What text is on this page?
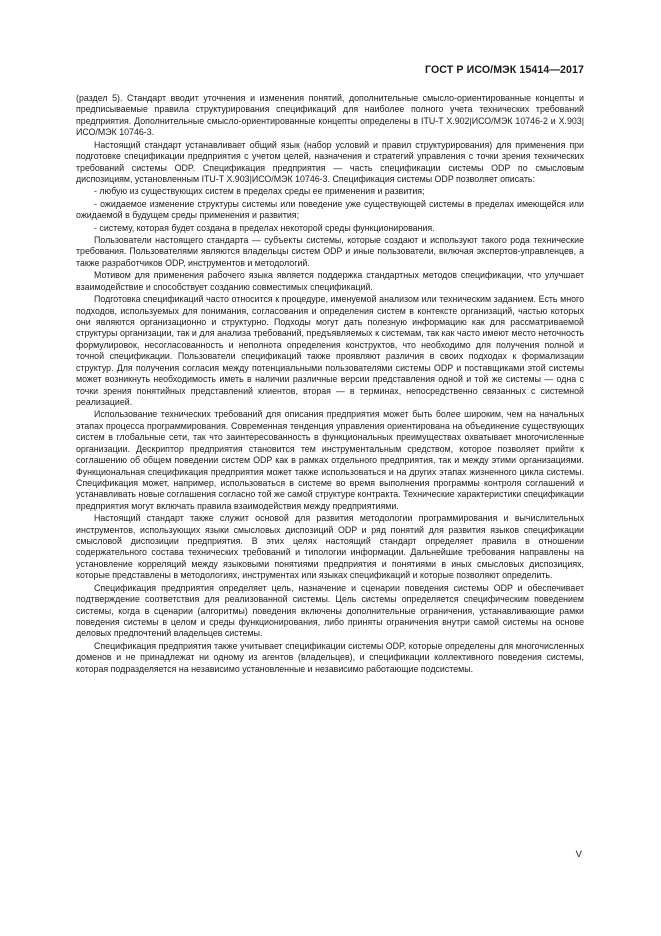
ГОСТ Р ИСО/МЭК 15414—2017

(раздел 5). Стандарт вводит уточнения и изменения понятий, дополнительные смысло-ориентированные концепты и предписываемые правила структурирования спецификаций для наиболее полного учета технических требований предприятия. Дополнительные смысло-ориентированные концепты определены в ITU-T X.902|ИСО/МЭК 10746-2 и X.903|ИСО/МЭК 10746-3.

Настоящий стандарт устанавливает общий язык (набор условий и правил структурирования) для применения при подготовке спецификации предприятия с учетом целей, назначения и стратегий управления с точки зрения технических требований системы ODP. Спецификация предприятия — часть спецификации системы ODP по смысловым диспозициям, установленным ITU-T X.903|ИСО/МЭК 10746-3. Спецификация системы ODP позволяет описать:

- любую из существующих систем в пределах среды ее применения и развития;

- ожидаемое изменение структуры системы или поведение уже существующей системы в пределах имеющейся или ожидаемой в будущем среды применения и развития;

- систему, которая будет создана в пределах некоторой среды функционирования.

Пользователи настоящего стандарта — субъекты системы, которые создают и используют такого рода технические требования. Пользователями являются владельцы систем ODP и иные пользователи, включая экспертов-управленцев, а также разработчиков ODP, инструментов и методологий.

Мотивом для применения рабочего языка является поддержка стандартных методов спецификации, что улучшает взаимодействие и способствует созданию совместимых спецификаций.

Подготовка спецификаций часто относится к процедуре, именуемой анализом или техническим заданием. Есть много подходов, используемых для понимания, согласования и определения систем в контексте организаций, частью которых они являются организационно и структурно. Подходы могут дать полезную информацию как для рассматриваемой структуры организации, так и для анализа требований, предъявляемых к системам, так как часто имеют место неточность формулировок, несогласованность и неполнота определения конструктов, что необходимо для получения полной и точной спецификации. Пользователи спецификаций также проявляют различия в своих подходах к формализации структур. Для получения согласия между потенциальными пользователями системы ODP и поставщиками этой системы может возникнуть необходимость иметь в наличии различные версии представления одной и той же системы — одна с точки зрения понятийных представлений клиентов, вторая — в терминах, непосредственно связанных с системной реализацией.

Использование технических требований для описания предприятия может быть более широким, чем на начальных этапах процесса программирования. Современная тенденция управления ориентирована на объединение существующих систем в глобальные сети, так что заинтересованность в функциональных преимуществах охватывает многочисленные организации. Дескриптор предприятия становится тем инструментальным средством, которое позволяет прийти к соглашению об общем поведении систем ODP как в рамках отдельного предприятия, так и между этими организациями. Функциональная спецификация предприятия может также использоваться и на других этапах жизненного цикла системы. Спецификация может, например, использоваться в системе во время выполнения программы контроля соглашений и устанавливать новые соглашения согласно той же самой структуре контракта. Технические характеристики спецификации предприятия могут включать правила взаимодействия между предприятиями.

Настоящий стандарт также служит основой для развития методологии программирования и вычислительных инструментов, использующих языки смысловых диспозиций ODP и ряд понятий для развития языков спецификации смысловой диспозиции предприятия. В этих целях настоящий стандарт определяет правила в отношении содержательного состава технических требований и типологии информации. Дальнейшие требования направлены на установление корреляций между языковыми понятиями предприятия и понятиями в иных смысловых диспозициях, которые представлены в методологиях, инструментах или языках спецификаций и которые позволяют определить.

Спецификация предприятия определяет цель, назначение и сценарии поведения системы ODP и обеспечивает подтверждение соответствия для реализованной системы. Цель системы определяется специфическим поведением системы, когда в сценарии (алгоритмы) поведения включены дополнительные ограничения, устанавливающие рамки поведения системы в целом и среды функционирования, либо приняты ограничения внутри самой системы на основе деловых предпочтений владельцев системы.

Спецификация предприятия также учитывает спецификации системы ODP, которые определены для многочисленных доменов и не принадлежат ни одному из агентов (владельцев), и спецификации коллективного поведения системы, которая подразделяется на независимо установленные и независимо работающие подсистемы.

V
